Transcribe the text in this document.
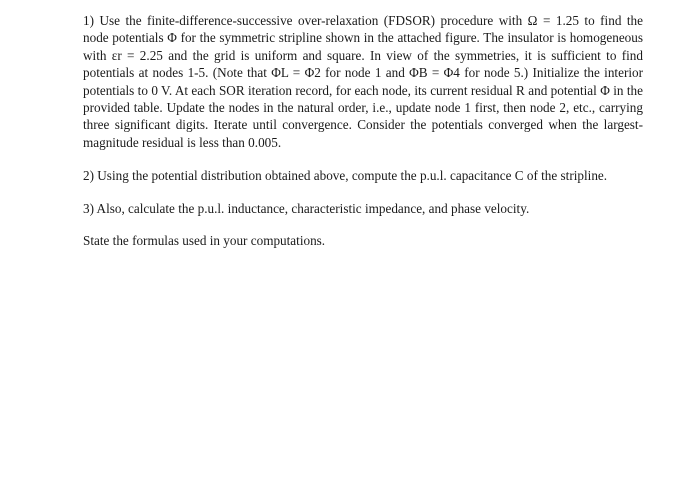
1) Use the finite-difference-successive over-relaxation (FDSOR) procedure with Ω = 1.25 to find the node potentials Φ for the symmetric stripline shown in the attached figure. The insulator is homogeneous with εr = 2.25 and the grid is uniform and square. In view of the symmetries, it is sufficient to find potentials at nodes 1-5. (Note that ΦL = Φ2 for node 1 and ΦB = Φ4 for node 5.) Initialize the interior potentials to 0 V. At each SOR iteration record, for each node, its current residual R and potential Φ in the provided table. Update the nodes in the natural order, i.e., update node 1 first, then node 2, etc., carrying three significant digits. Iterate until convergence. Consider the potentials converged when the largest-magnitude residual is less than 0.005.

2) Using the potential distribution obtained above, compute the p.u.l. capacitance C of the stripline.

3) Also, calculate the p.u.l. inductance, characteristic impedance, and phase velocity.

State the formulas used in your computations.
